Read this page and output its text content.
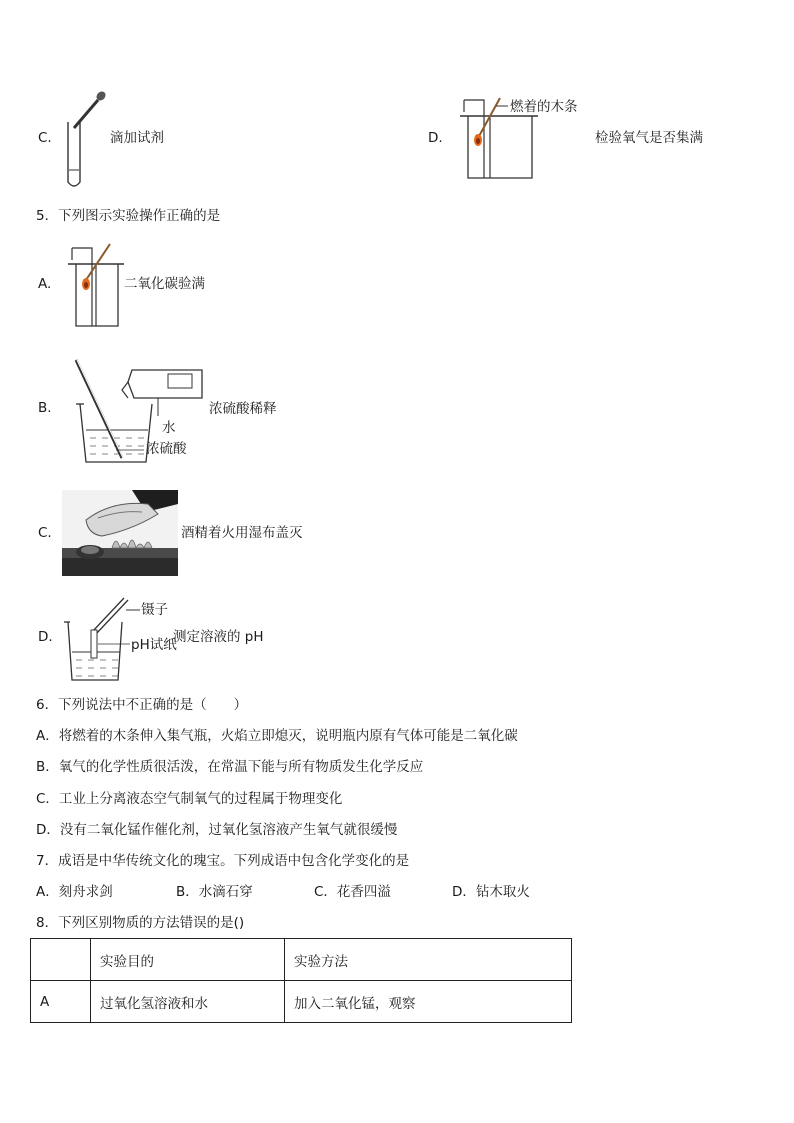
C.	滴加试剂	D.
燃着的木条
检验氧气是否集满
5．下列图示实验操作正确的是
A.	二氧化碳验满
B.
水
浓硫酸
浓硫酸稀释
C.	酒精着火用湿布盖灭
D.
镊子
pH试纸
测定溶液的 pH
6．下列说法中不正确的是（　　）
A．将燃着的木条伸入集气瓶，火焰立即熄灭，说明瓶内原有气体可能是二氧化碳
B．氧气的化学性质很活泼，在常温下能与所有物质发生化学反应
C．工业上分离液态空气制氧气的过程属于物理变化
D．没有二氧化锰作催化剂，过氧化氢溶液产生氧气就很缓慢
7．成语是中华传统文化的瑰宝。下列成语中包含化学变化的是
A．刻舟求剑	B．水滴石穿	C．花香四溢	D．钻木取火
8．下列区别物质的方法错误的是()
	实验目的	实验方法
A	过氧化氢溶液和水	加入二氧化锰，观察
